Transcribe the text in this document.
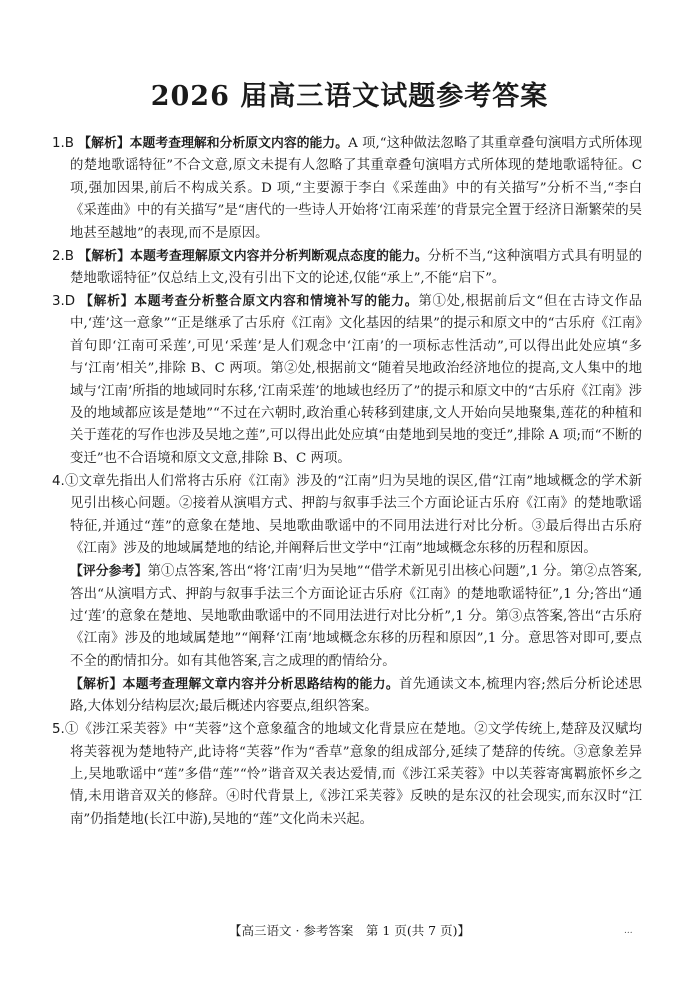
2026 届高三语文试题参考答案
1.B 【解析】本题考查理解和分析原文内容的能力。A 项,“这种做法忽略了其重章叠句演唱方式所体现的楚地歌谣特征”不合文意,原文未提有人忽略了其重章叠句演唱方式所体现的楚地歌谣特征。C 项,强加因果,前后不构成关系。D 项,“主要源于李白《采莲曲》中的有关描写”分析不当,“李白《采莲曲》中的有关描写”是“唐代的一些诗人开始将‘江南采莲’的背景完全置于经济日渐繁荣的吴地甚至越地”的表现,而不是原因。
2.B 【解析】本题考查理解原文内容并分析判断观点态度的能力。分析不当,“这种演唱方式具有明显的楚地歌谣特征”仅总结上文,没有引出下文的论述,仅能“承上”,不能“启下”。
3.D 【解析】本题考查分析整合原文内容和情境补写的能力。第①处,根据前后文“但在古诗文作品中,‘莲’这一意象”“正是继承了古乐府《江南》文化基因的结果”的提示和原文中的“古乐府《江南》首句即‘江南可采莲’,可见‘采莲’是人们观念中‘江南’的一项标志性活动”,可以得出此处应填“多与‘江南’相关”,排除 B、C 两项。第②处,根据前文“随着吴地政治经济地位的提高,文人集中的地域与‘江南’所指的地域同时东移,‘江南采莲’的地域也经历了”的提示和原文中的“古乐府《江南》涉及的地域都应该是楚地”“不过在六朝时,政治重心转移到建康,文人开始向吴地聚集,莲花的种植和关于莲花的写作也涉及吴地之莲”,可以得出此处应填“由楚地到吴地的变迁”,排除 A 项;而“不断的变迁”也不合语境和原文文意,排除 B、C 两项。
4.①文章先指出人们常将古乐府《江南》涉及的“江南”归为吴地的误区,借“江南”地域概念的学术新见引出核心问题。②接着从演唱方式、押韵与叙事手法三个方面论证古乐府《江南》的楚地歌谣特征,并通过“莲”的意象在楚地、吴地歌曲歌谣中的不同用法进行对比分析。③最后得出古乐府《江南》涉及的地域属楚地的结论,并阐释后世文学中“江南”地域概念东移的历程和原因。
【评分参考】第①点答案,答出“将‘江南’归为吴地”“借学术新见引出核心问题”,1 分。第②点答案,答出“从演唱方式、押韵与叙事手法三个方面论证古乐府《江南》的楚地歌谣特征”,1 分;答出“通过‘莲’的意象在楚地、吴地歌曲歌谣中的不同用法进行对比分析”,1 分。第③点答案,答出“古乐府《江南》涉及的地域属楚地”“阐释‘江南’地域概念东移的历程和原因”,1 分。意思答对即可,要点不全的酌情扣分。如有其他答案,言之成理的酌情给分。
【解析】本题考查理解文章内容并分析思路结构的能力。首先通读文本,梳理内容;然后分析论述思路,大体划分结构层次;最后概述内容要点,组织答案。
5.①《涉江采芙蓉》中“芙蓉”这个意象蕴含的地域文化背景应在楚地。②文学传统上,楚辞及汉赋均将芙蓉视为楚地特产,此诗将“芙蓉”作为“香草”意象的组成部分,延续了楚辞的传统。③意象差异上,吴地歌谣中“莲”多借“莲”“怜”谐音双关表达爱情,而《涉江采芙蓉》中以芙蓉寄寓羁旅怀乡之情,未用谐音双关的修辞。④时代背景上,《涉江采芙蓉》反映的是东汉的社会现实,而东汉时“江南”仍指楚地(长江中游),吴地的“莲”文化尚未兴起。
【高三语文 · 参考答案　第 1 页(共 7 页)】	...
